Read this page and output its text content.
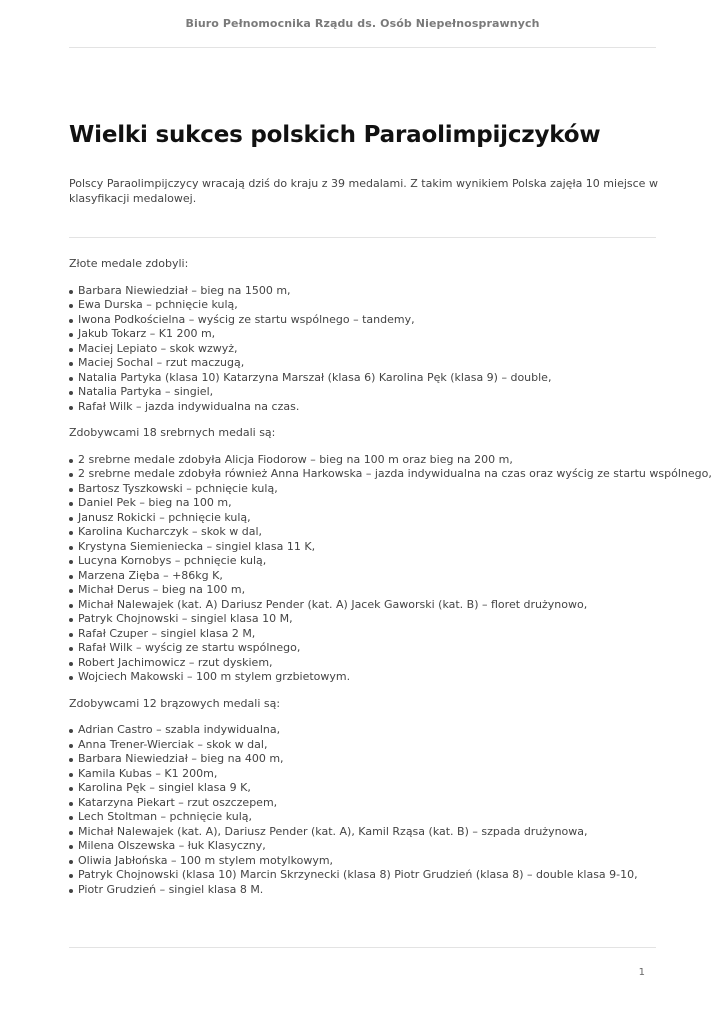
Biuro Pełnomocnika Rządu ds. Osób Niepełnosprawnych
Wielki sukces polskich Paraolimpijczyków

Polscy Paraolimpijczycy wracają dziś do kraju z 39 medalami. Z takim wynikiem Polska zajęła 10 miejsce w klasyfikacji medalowej.

Złote medale zdobyli:

Barbara Niewiedział – bieg na 1500 m,
Ewa Durska – pchnięcie kulą,
Iwona Podkościelna – wyścig ze startu wspólnego – tandemy,
Jakub Tokarz – K1 200 m,
Maciej Lepiato – skok wzwyż,
Maciej Sochal – rzut maczugą,
Natalia Partyka (klasa 10) Katarzyna Marszał (klasa 6) Karolina Pęk (klasa 9) – double,
Natalia Partyka – singiel,
Rafał Wilk – jazda indywidualna na czas.

Zdobywcami 18 srebrnych medali są:

2 srebrne medale zdobyła Alicja Fiodorow – bieg na 100 m oraz bieg na 200 m,
2 srebrne medale zdobyła również Anna Harkowska – jazda indywidualna na czas oraz wyścig ze startu wspólnego,
Bartosz Tyszkowski – pchnięcie kulą,
Daniel Pek – bieg na 100 m,
Janusz Rokicki – pchnięcie kulą,
Karolina Kucharczyk – skok w dal,
Krystyna Siemieniecka – singiel klasa 11 K,
Lucyna Kornobys – pchnięcie kulą,
Marzena Zięba – +86kg K,
Michał Derus – bieg na 100 m,
Michał Nalewajek (kat. A) Dariusz Pender (kat. A) Jacek Gaworski (kat. B) – floret drużynowo,
Patryk Chojnowski – singiel klasa 10 M,
Rafał Czuper – singiel klasa 2 M,
Rafał Wilk – wyścig ze startu wspólnego,
Robert Jachimowicz – rzut dyskiem,
Wojciech Makowski – 100 m stylem grzbietowym.

Zdobywcami 12 brązowych medali są:

Adrian Castro – szabla indywidualna,
Anna Trener-Wierciak – skok w dal,
Barbara Niewiedział – bieg na 400 m,
Kamila Kubas – K1 200m,
Karolina Pęk – singiel klasa 9 K,
Katarzyna Piekart – rzut oszczepem,
Lech Stoltman – pchnięcie kulą,
Michał Nalewajek (kat. A), Dariusz Pender (kat. A), Kamil Rząsa (kat. B) – szpada drużynowa,
Milena Olszewska – łuk Klasyczny,
Oliwia Jabłońska – 100 m stylem motylkowym,
Patryk Chojnowski (klasa 10) Marcin Skrzynecki (klasa 8) Piotr Grudzień (klasa 8) – double klasa 9-10,
Piotr Grudzień – singiel klasa 8 M.
1
